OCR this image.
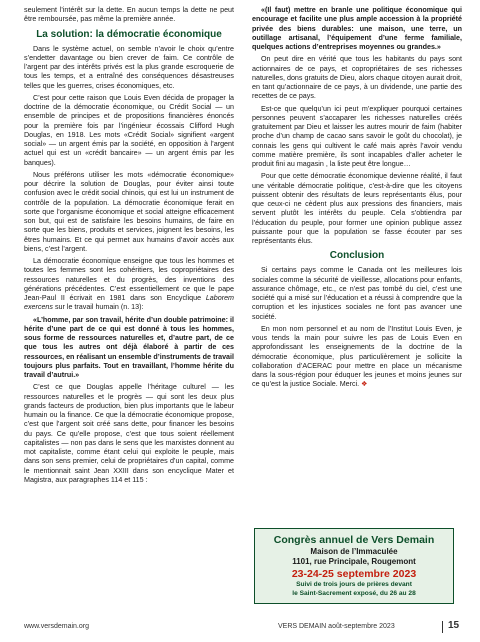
seulement l’intérêt sur la dette. En aucun temps la dette ne peut être remboursée, pas même la première année.

La solution: la démocratie économique

Dans le système actuel, on semble n’avoir le choix qu’entre s’endetter davantage ou bien crever de faim. Ce contrôle de l’argent par des intérêts privés est la plus grande escroquerie de tous les temps, et a entraîné des conséquences désastreuses telles que les guerres, crises économiques, etc.

C’est pour cette raison que Louis Even décida de propager la doctrine de la démocratie économique, ou Crédit Social — un ensemble de principes et de propositions financières énoncés pour la première fois par l’ingénieur écossais Clifford Hugh Douglas, en 1918. Les mots «Crédit Social» signifient «argent social» — un argent émis par la société, en opposition à l’argent actuel qui est un «crédit bancaire» — un argent émis par les banques).

Nous préférons utiliser les mots «démocratie économique» pour décrire la solution de Douglas, pour éviter ainsi toute confusion avec le crédit social chinois, qui est lui un instrument de contrôle de la population. La démocratie économique ferait en sorte que l’organisme économique et social atteigne efficacement son but, qui est de satisfaire les besoins humains, de faire en sorte que les biens, produits et services, joignent les besoins, les êtres humains. Et ce qui permet aux humains d’avoir accès aux biens, c’est l’argent.

La démocratie économique enseigne que tous les hommes et toutes les femmes sont les cohéritiers, les copropriétaires des ressources naturelles et du progrès, des inventions des générations précédentes. C’est essentiellement ce que le pape Jean-Paul II écrivait en 1981 dans son Encyclique Laborem exercens sur le travail humain (n. 13):

«L’homme, par son travail, hérite d’un double patrimoine: il hérite d’une part de ce qui est donné à tous les hommes, sous forme de ressources naturelles et, d’autre part, de ce que tous les autres ont déjà élaboré à partir de ces ressources, en réalisant un ensemble d’instruments de travail toujours plus parfaits. Tout en travaillant, l’homme hérite du travail d’autrui.»

C’est ce que Douglas appelle l’héritage culturel — les ressources naturelles et le progrès — qui sont les deux plus grands facteurs de production, bien plus importants que le labeur humain ou la finance. Ce que la démocratie économique propose, c’est que l’argent soit créé sans dette, pour financer les besoins du pays. Ce qu’elle propose, c’est que tous soient réellement capitalistes — non pas dans le sens que les marxistes donnent au mot capitaliste, comme étant celui qui exploite le peuple, mais dans son sens premier, celui de propriétaires d’un capital, comme le mentionnait saint Jean XXIII dans son encyclique Mater et Magistra, aux paragraphes 114 et 115 :

«(Il faut) mettre en branle une politique économique qui encourage et facilite une plus ample accession à la propriété privée des biens durables: une maison, une terre, un outillage artisanal, l’équipement d’une ferme familiale, quelques actions d’entreprises moyennes ou grandes.»

On peut dire en vérité que tous les habitants du pays sont actionnaires de ce pays, et copropriétaires de ses richesses naturelles, dons gratuits de Dieu, alors chaque citoyen aurait droit, en tant qu’actionnaire de ce pays, à un dividende, une partie des recettes de ce pays.

Est-ce que quelqu’un ici peut m’expliquer pourquoi certaines personnes peuvent s’accaparer les richesses naturelles créés gratuitement par Dieu et laisser les autres mourir de faim (habiter proche d’un champ de cacao sans savoir le goût du chocolat), je connais les gens qui cultivent le café mais après l’avoir vendu comme matière première, ils sont incapables d’aller acheter le produit fini au magasin , la liste peut être longue…

Pour que cette démocratie économique devienne réalité, il faut une véritable démocratie politique, c’est-à-dire que les citoyens puissent obtenir des résultats de leurs représentants élus, pour que ceux-ci ne cèdent plus aux pressions des financiers, mais servent plutôt les intérêts du peuple. Cela s’obtiendra par l’éducation du peuple, pour former une opinion publique assez puissante pour que la population se fasse écouter par ses représentants élus.

Conclusion

Si certains pays comme le Canada ont les meilleures lois sociales comme la sécurité de vieillesse, allocations pour enfants, assurance chômage, etc., ce n’est pas tombé du ciel, c’est une société qui a misé sur l’éducation et a réussi à comprendre que la corruption et les injustices sociales ne font pas avancer une société.

En mon nom personnel et au nom de l’Institut Louis Even, je vous tends la main pour suivre les pas de Louis Even en approfondissant les enseignements de la doctrine de la démocratie économique, plus particulièrement je sollicite la collaboration d’ACERAC pour mettre en place un mécanisme dans la sous-région pour éduquer les jeunes et moins jeunes sur ce qu’est la justice Sociale. Merci. ❖

Congrès annuel de Vers Demain
Maison de l’Immaculée
1101, rue Principale, Rougemont
23-24-25 septembre 2023
Suivi de trois jours de prières devant
le Saint-Sacrement exposé, du 26 au 28
www.versdemain.org	VERS DEMAIN août-septembre 2023	15
